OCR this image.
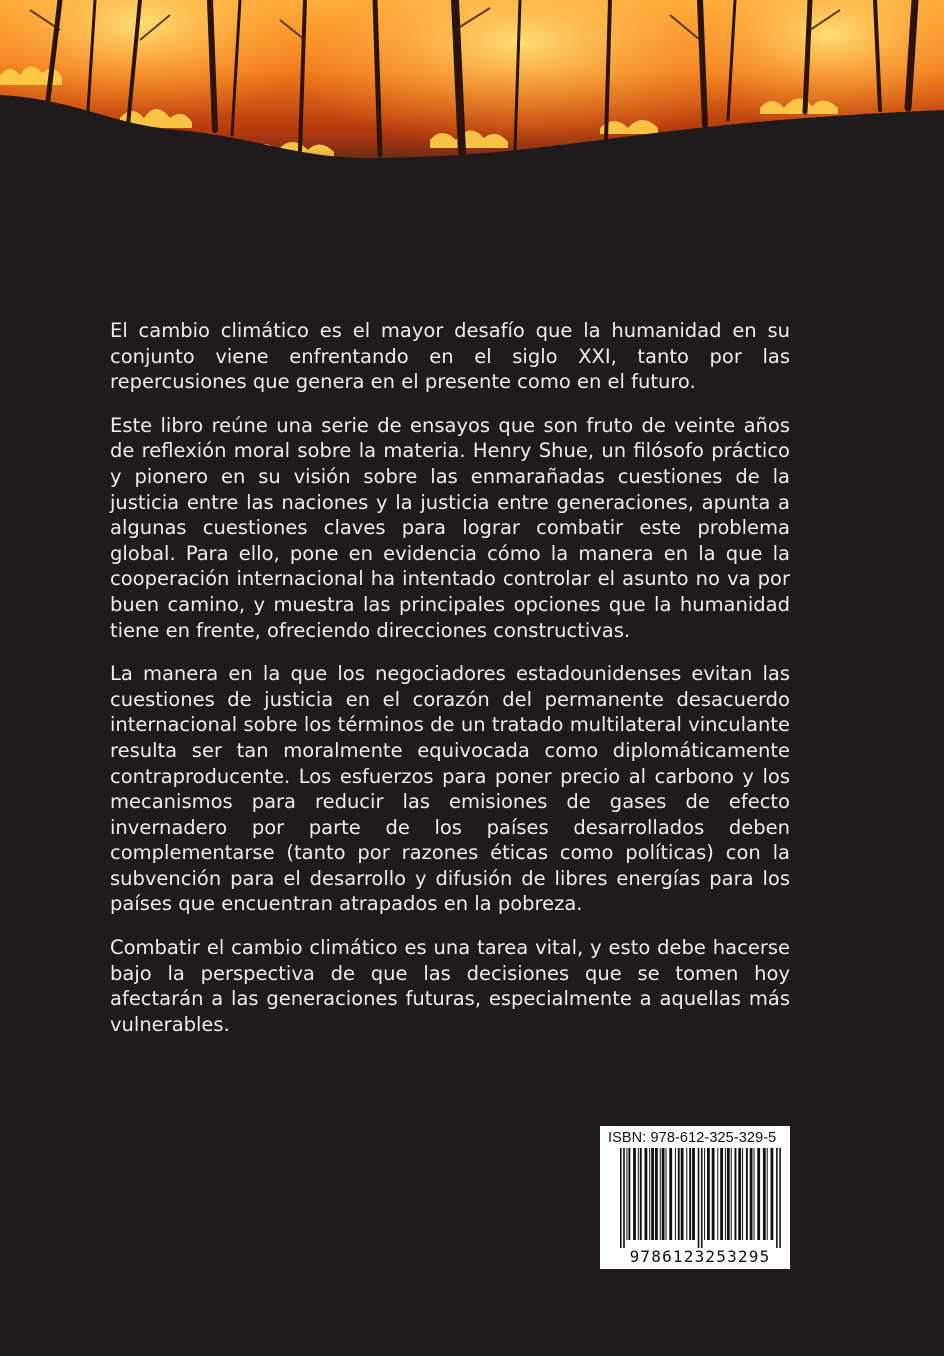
El cambio climático es el mayor desafío que la humanidad en su conjunto viene enfrentando en el siglo XXI, tanto por las repercusiones que genera en el presente como en el futuro.

Este libro reúne una serie de ensayos que son fruto de veinte años de reflexión moral sobre la materia. Henry Shue, un filósofo práctico y pionero en su visión sobre las enmarañadas cuestiones de la justicia entre las naciones y la justicia entre generaciones, apunta a algunas cuestiones claves para lograr combatir este problema global. Para ello, pone en evidencia cómo la manera en la que la cooperación internacional ha intentado controlar el asunto no va por buen camino, y muestra las principales opciones que la humanidad tiene en frente, ofreciendo direcciones constructivas.

La manera en la que los negociadores estadounidenses evitan las cuestiones de justicia en el corazón del permanente desacuerdo internacional sobre los términos de un tratado multilateral vinculante resulta ser tan moralmente equivocada como diplomáticamente contraproducente. Los esfuerzos para poner precio al carbono y los mecanismos para reducir las emisiones de gases de efecto invernadero por parte de los países desarrollados deben complementarse (tanto por razones éticas como políticas) con la subvención para el desarrollo y difusión de libres energías para los países que encuentran atrapados en la pobreza.

Combatir el cambio climático es una tarea vital, y esto debe hacerse bajo la perspectiva de que las decisiones que se tomen hoy afectarán a las generaciones futuras, especialmente a aquellas más vulnerables.

ISBN: 978-612-325-329-5
9786123253295
